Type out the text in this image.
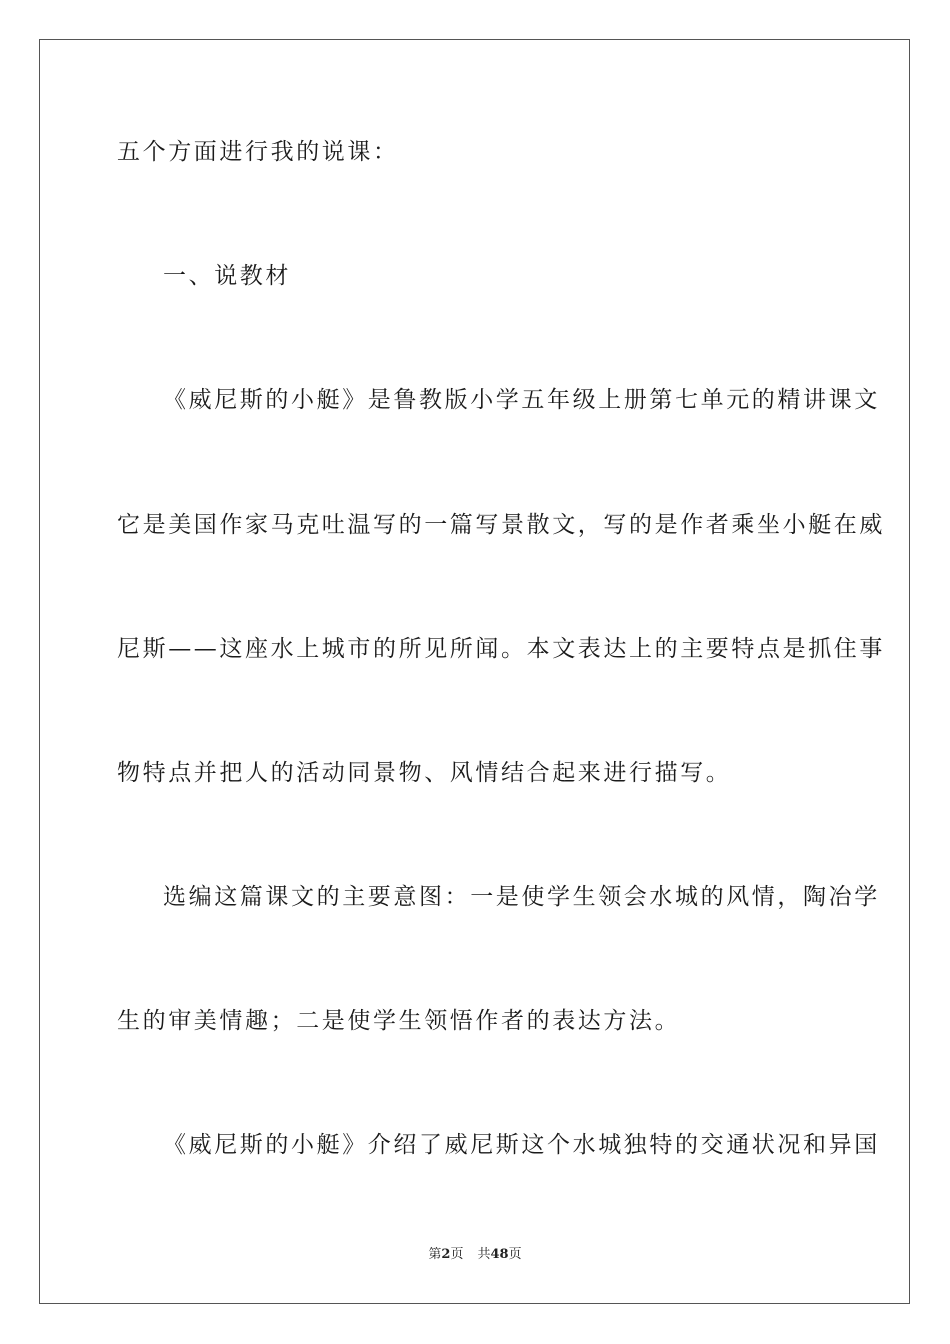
五个方面进行我的说课：
一、说教材
《威尼斯的小艇》是鲁教版小学五年级上册第七单元的精讲课文
它是美国作家马克吐温写的一篇写景散文，写的是作者乘坐小艇在威
尼斯——这座水上城市的所见所闻。本文表达上的主要特点是抓住事
物特点并把人的活动同景物、风情结合起来进行描写。
选编这篇课文的主要意图：一是使学生领会水城的风情，陶冶学
生的审美情趣；二是使学生领悟作者的表达方法。
《威尼斯的小艇》介绍了威尼斯这个水城独特的交通状况和异国
第2页 共48页
